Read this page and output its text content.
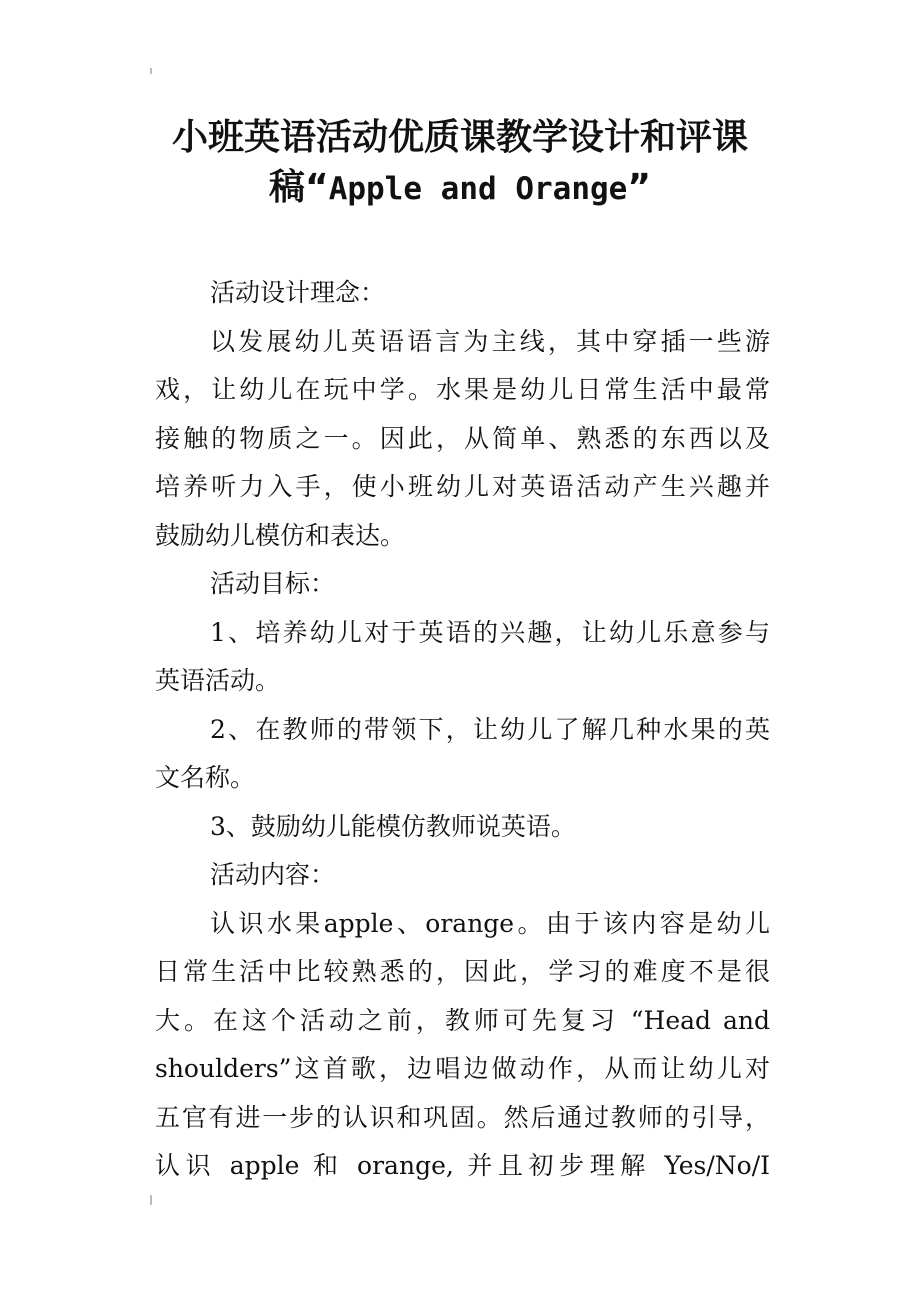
小班英语活动优质课教学设计和评课
稿“Apple and Orange”
活动设计理念：
以发展幼儿英语语言为主线，其中穿插一些游
戏，让幼儿在玩中学。水果是幼儿日常生活中最常
接触的物质之一。因此，从简单、熟悉的东西以及
培养听力入手，使小班幼儿对英语活动产生兴趣并
鼓励幼儿模仿和表达。
活动目标：
1、培养幼儿对于英语的兴趣，让幼儿乐意参与
英语活动。
2、在教师的带领下，让幼儿了解几种水果的英
文名称。
3、鼓励幼儿能模仿教师说英语。
活动内容：
认识水果apple、orange。由于该内容是幼儿
日常生活中比较熟悉的，因此，学习的难度不是很
大。在这个活动之前，教师可先复习 “Head and
shoulders”这首歌，边唱边做动作，从而让幼儿对
五官有进一步的认识和巩固。然后通过教师的引导，
认识 apple 和 orange, 并且初步理解 Yes/No/I
